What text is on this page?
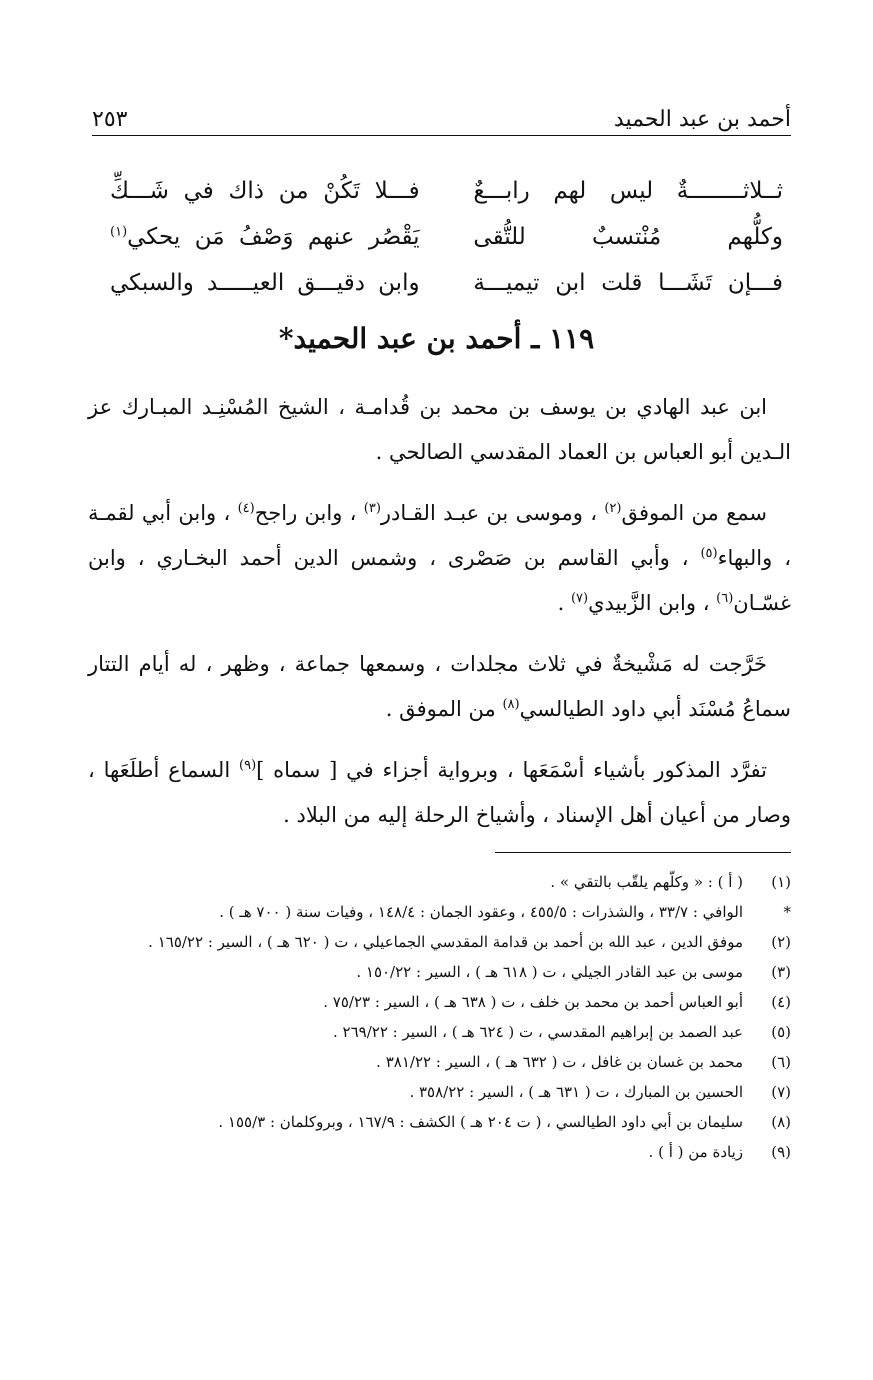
أحمد بن عبد الحميد
٢٥٣
ثــلاثــــــــةٌ ليس لهم رابـــعٌ
فـــلا تَكُنْ من ذاك في شَـــكِّ
وكلُّهم مُنْتسبٌ للتُّقى
يَقْصُر عنهم وَصْفُ مَن يحكي$^{(١)}$
فـــإن تَشَـــا قلت ابن تيميـــة
وابن دقيـــق العيـــــد والسبكي
١١٩ ـ أحمد بن عبد الحميد*

ابن عبد الهادي بن يوسف بن محمد بن قُدامـة ، الشيخ المُسْنِـد المبـارك عز الـدين أبو العباس بن العماد المقدسي الصالحي .

سمع من الموفق$^{(٢)}$ ، وموسى بن عبـد القـادر$^{(٣)}$ ، وابن راجح$^{(٤)}$ ، وابن أبي لقمـة ، والبهاء$^{(٥)}$ ، وأبي القاسم بن صَصْرى ، وشمس الدين أحمد البخـاري ، وابن غسّـان$^{(٦)}$ ، وابن الزَّبيدي$^{(٧)}$ .

خَرَّجت له مَشْيخةٌ في ثلاث مجلدات ، وسمعها جماعة ، وظهر ، له أيام التتار سماعُ مُسْنَد أبي داود الطيالسي$^{(٨)}$ من الموفق .

تفرَّد المذكور بأشياء أسْمَعَها ، وبرواية أجزاء في [ سماه ]$^{(٩)}$ السماع أطلَعَها ، وصار من أعيان أهل الإسناد ، وأشياخ الرحلة إليه من البلاد .

(١)
( أ ) : « وكلّهم يلقّب بالتقي » .
*
الوافي : ٣٣/٧ ، والشذرات : ٤٥٥/٥ ، وعقود الجمان : ١٤٨/٤ ، وفيات سنة ( ٧٠٠ هـ ) .
(٢)
موفق الدين ، عبد الله بن أحمد بن قدامة المقدسي الجماعيلي ، ت ( ٦٢٠ هـ ) ، السير : ١٦٥/٢٢ .
(٣)
موسى بن عبد القادر الجيلي ، ت ( ٦١٨ هـ ) ، السير : ١٥٠/٢٢ .
(٤)
أبو العباس أحمد بن محمد بن خلف ، ت ( ٦٣٨ هـ ) ، السير : ٧٥/٢٣ .
(٥)
عبد الصمد بن إبراهيم المقدسي ، ت ( ٦٢٤ هـ ) ، السير : ٢٦٩/٢٢ .
(٦)
محمد بن غسان بن غافل ، ت ( ٦٣٢ هـ ) ، السير : ٣٨١/٢٢ .
(٧)
الحسين بن المبارك ، ت ( ٦٣١ هـ ) ، السير : ٣٥٨/٢٢ .
(٨)
سليمان بن أبي داود الطيالسي ، ( ت ٢٠٤ هـ ) الكشف : ١٦٧/٩ ، وبروكلمان : ١٥٥/٣ .
(٩)
زيادة من ( أ ) .
